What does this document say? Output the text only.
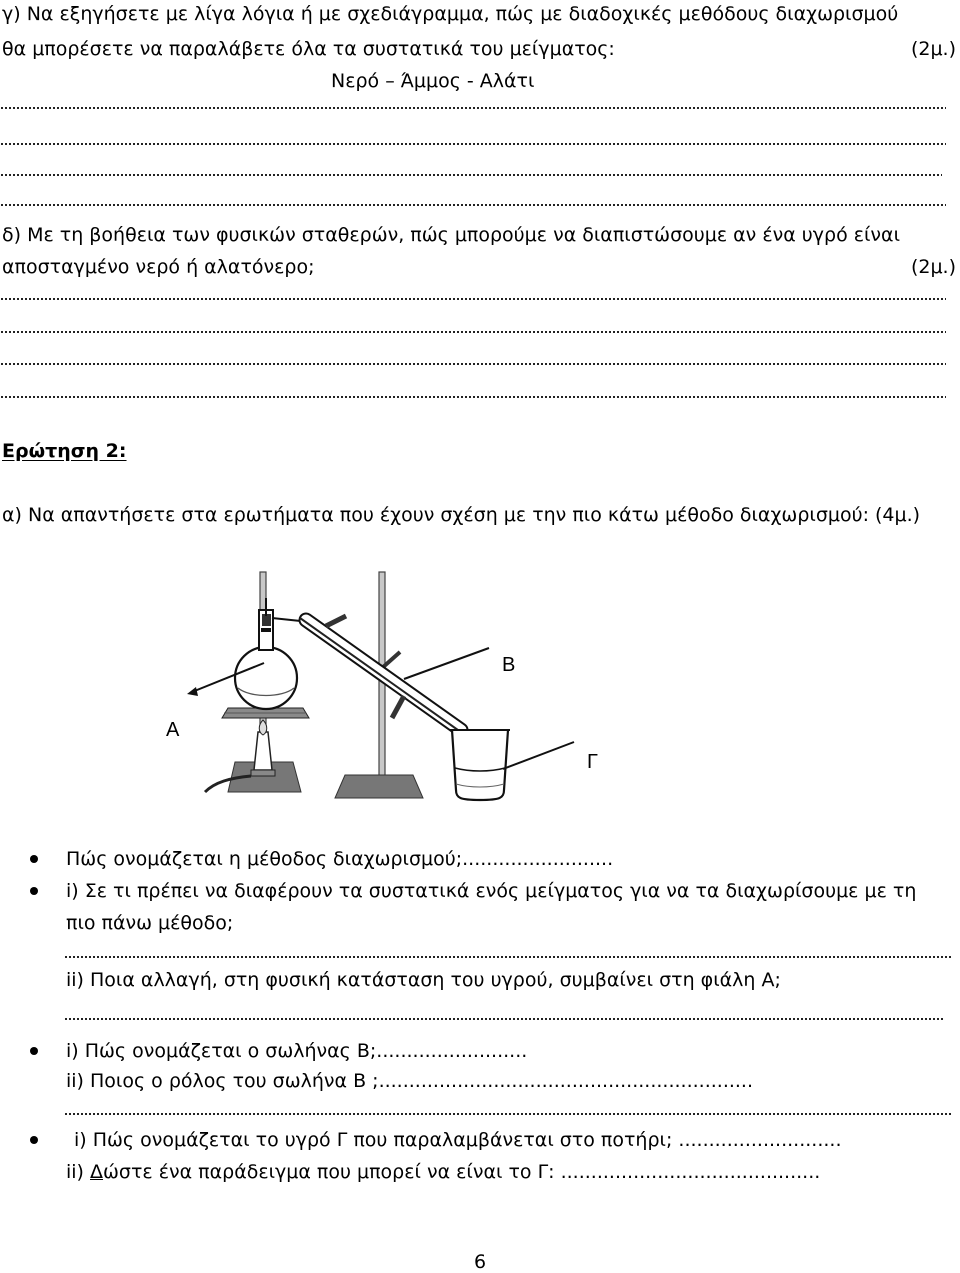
γ) Να εξηγήσετε με λίγα λόγια ή με σχεδιάγραμμα, πώς με διαδοχικές μεθόδους διαχωρισμού
θα μπορέσετε να παραλάβετε όλα τα συστατικά του μείγματος:	(2μ.)
Νερό – Άμμος - Αλάτι
δ) Με τη βοήθεια των φυσικών σταθερών, πώς μπορούμε να διαπιστώσουμε αν ένα υγρό είναι
αποσταγμένο νερό ή αλατόνερο;	(2μ.)
Ερώτηση 2:
α) Να απαντήσετε στα ερωτήματα που έχουν σχέση με την πιο κάτω μέθοδο διαχωρισμού: (4μ.)
Α
Β
Γ
Πώς ονομάζεται η μέθοδος διαχωρισμού;.........................
i) Σε τι πρέπει να διαφέρουν τα συστατικά ενός μείγματος για να τα διαχωρίσουμε με τη
πιο πάνω μέθοδο;
ii) Ποια αλλαγή, στη φυσική κατάσταση του υγρού, συμβαίνει στη φιάλη Α;
i) Πώς ονομάζεται ο σωλήνας Β;.........................
ii) Ποιος ο ρόλος του σωλήνα Β ;..............................................................
i) Πώς ονομάζεται το υγρό Γ που παραλαμβάνεται στο ποτήρι; ...........................
ii) Δώστε ένα παράδειγμα που μπορεί να είναι το Γ: ...........................................
6
